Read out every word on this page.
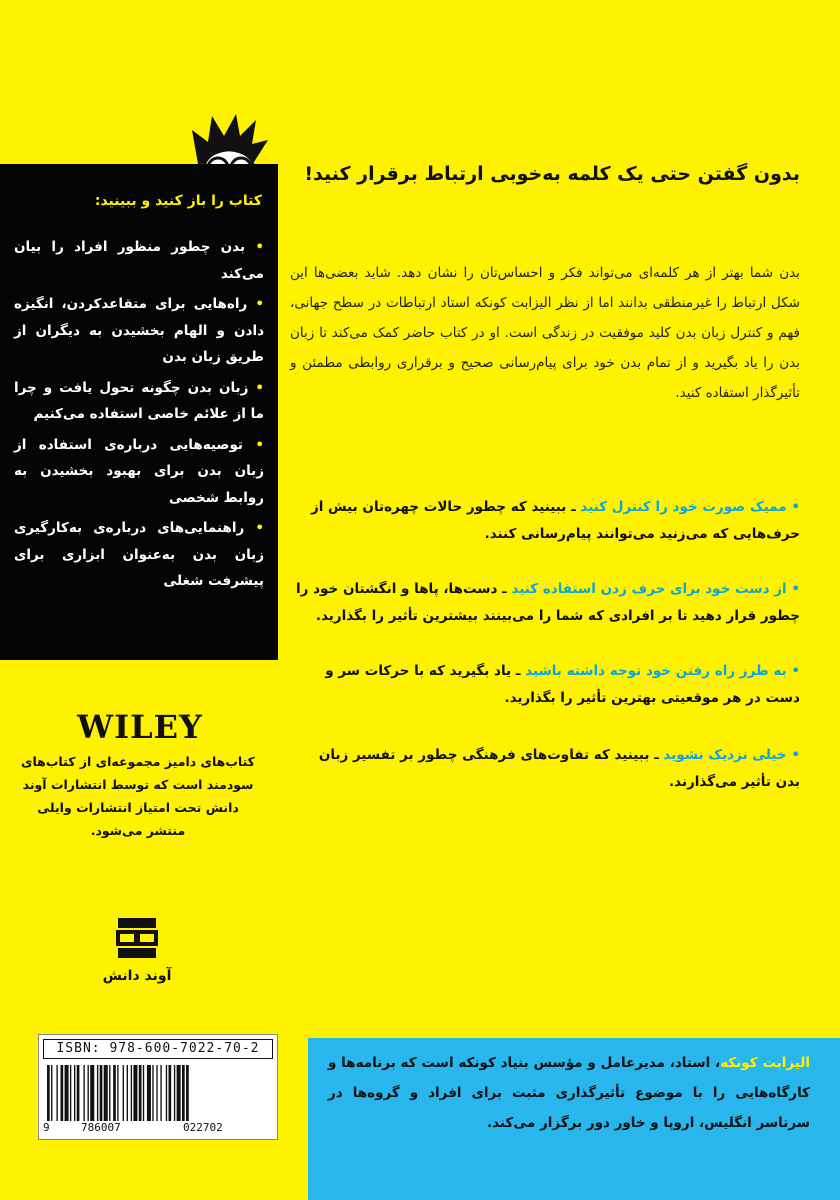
بدون گفتن حتی یک کلمه به‌خوبی ارتباط برقرار کنید!
بدن شما بهتر از هر کلمه‌ای می‌تواند فکر و احساس‌تان را نشان دهد. شاید بعضی‌ها این شکل ارتباط را غیرمنطقی بدانند اما از نظر الیزابت کونکه استاد ارتباطات در سطح جهانی، فهم و کنترل زبان بدن کلید موفقیت در زندگی است. او در کتاب حاضر کمک می‌کند تا زبان بدن را یاد بگیرید و از تمام بدن خود برای پیام‌رسانی صحیح و برقراری روابطی مطمئن و تأثیرگذار استفاده کنید.
• ممیک صورت خود را کنترل کنید ـ ببینید که چطور حالات چهره‌تان بیش از حرف‌هایی که می‌زنید می‌توانند پیام‌رسانی کنند.
• از دست خود برای حرف زدن استفاده کنید ـ دست‌ها، پاها و انگشتان خود را چطور قرار دهید تا بر افرادی که شما را می‌بینند بیشترین تأثیر را بگذارید.
• به طرز راه رفتن خود توجه داشته باشید ـ یاد بگیرید که با حرکات سر و دست در هر موقعیتی بهترین تأثیر را بگذارید.
• خیلی نزدیک نشوید ـ ببینید که تفاوت‌های فرهنگی چطور بر تفسیر زبان بدن تأثیر می‌گذارند.
کتاب را باز کنید و ببینید:
• بدن چطور منظور افراد را بیان می‌کند
• راه‌هایی برای متقاعدکردن، انگیزه دادن و الهام بخشیدن به دیگران از طریق زبان بدن
• زبان بدن چگونه تحول یافت و چرا ما از علائم خاصی استفاده می‌کنیم
• توصیه‌هایی درباره‌ی استفاده از زبان بدن برای بهبود بخشیدن به روابط شخصی
• راهنمایی‌های درباره‌ی به‌کارگیری زبان بدن به‌عنوان ابزاری برای پیشرفت شغلی
WILEY
کتاب‌های دامیز مجموعه‌ای از کتاب‌های سودمند است که توسط انتشارات آوند دانش تحت امتیاز انتشارات وایلی منتشر می‌شود.
آوند دانش
ISBN: 978-600-7022-70-2
9	786007	022702
الیزابت کونکه، استاد، مدیرعامل و مؤسس بنیاد کونکه است که برنامه‌ها و کارگاه‌هایی را با موضوع تأثیرگذاری مثبت برای افراد و گروه‌ها در سرتاسر انگلیس، اروپا و خاور دور برگزار می‌کند.
